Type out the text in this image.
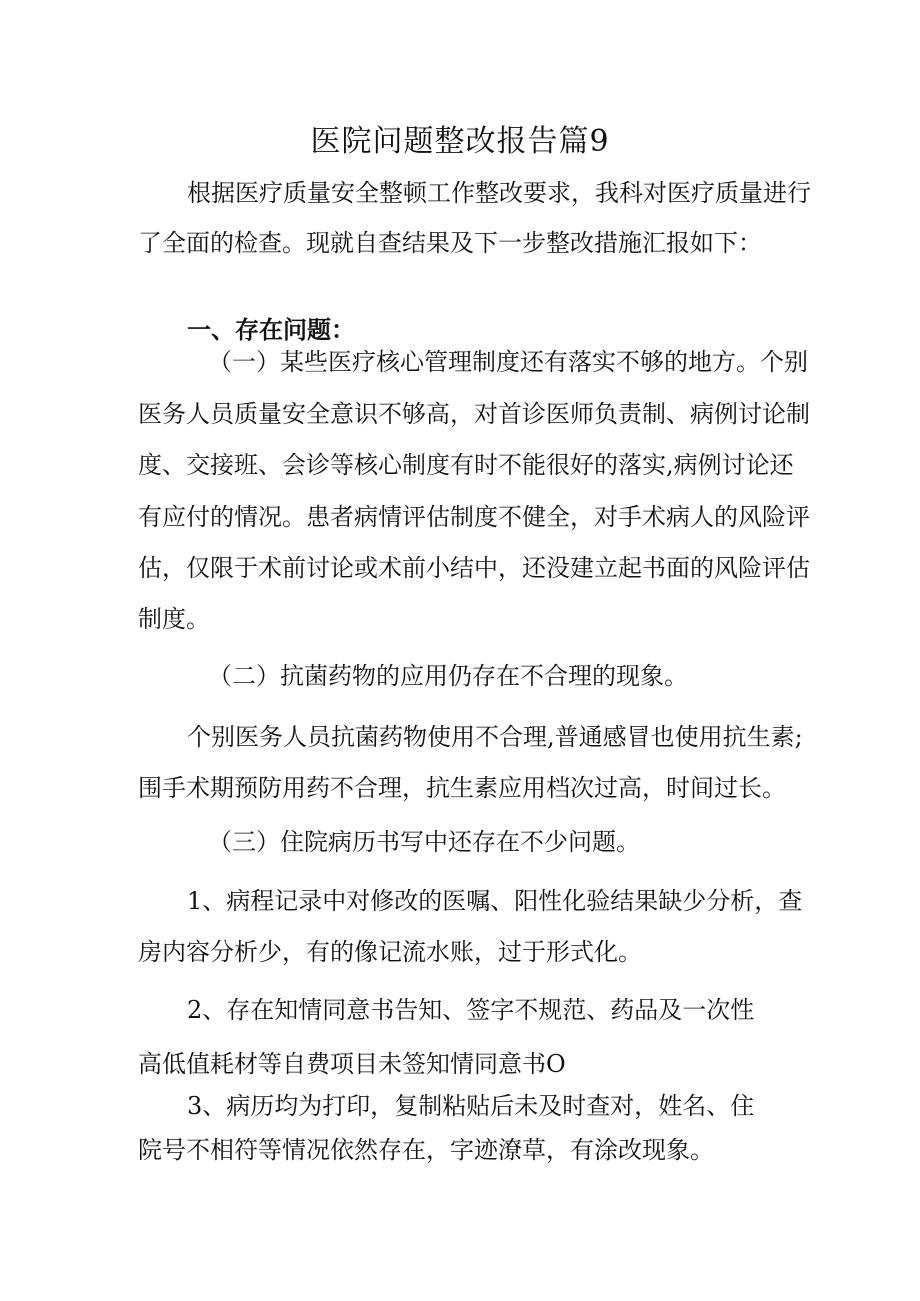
医院问题整改报告篇9

根据医疗质量安全整顿工作整改要求，我科对医疗质量进行

了全面的检查。现就自查结果及下一步整改措施汇报如下：

一、存在问题：

（一）某些医疗核心管理制度还有落实不够的地方。个别

医务人员质量安全意识不够高，对首诊医师负责制、病例讨论制

度、交接班、会诊等核心制度有时不能很好的落实,病例讨论还

有应付的情况。患者病情评估制度不健全，对手术病人的风险评

估，仅限于术前讨论或术前小结中，还没建立起书面的风险评估

制度。

（二）抗菌药物的应用仍存在不合理的现象。

个别医务人员抗菌药物使用不合理,普通感冒也使用抗生素;

围手术期预防用药不合理，抗生素应用档次过高，时间过长。

（三）住院病历书写中还存在不少问题。

1、病程记录中对修改的医嘱、阳性化验结果缺少分析，查

房内容分析少，有的像记流水账，过于形式化。

2、存在知情同意书告知、签字不规范、药品及一次性

高低值耗材等自费项目未签知情同意书O

3、病历均为打印，复制粘贴后未及时查对，姓名、住

院号不相符等情况依然存在，字迹潦草，有涂改现象。
